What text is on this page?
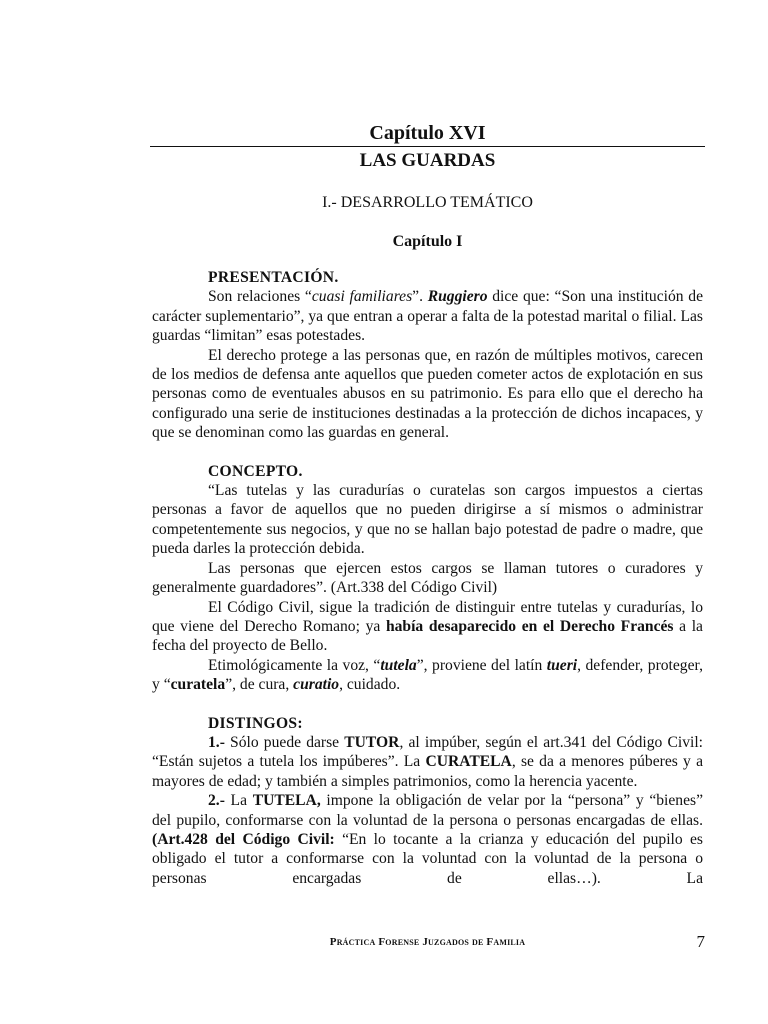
Capítulo XVI
LAS GUARDAS
I.- DESARROLLO TEMÁTICO
Capítulo I

PRESENTACIÓN.

Son relaciones “cuasi familiares”. Ruggiero dice que: “Son una institución de carácter suplementario”, ya que entran a operar a falta de la potestad marital o filial. Las guardas “limitan” esas potestades.

El derecho protege a las personas que, en razón de múltiples motivos, carecen de los medios de defensa ante aquellos que pueden cometer actos de explotación en sus personas como de eventuales abusos en su patrimonio. Es para ello que el derecho ha configurado una serie de instituciones destinadas a la protección de dichos incapaces, y que se denominan como las guardas en general.

CONCEPTO.

“Las tutelas y las curadurías o curatelas son cargos impuestos a ciertas personas a favor de aquellos que no pueden dirigirse a sí mismos o administrar competentemente sus negocios, y que no se hallan bajo potestad de padre o madre, que pueda darles la protección debida.

Las personas que ejercen estos cargos se llaman tutores o curadores y generalmente guardadores”. (Art.338 del Código Civil)

El Código Civil, sigue la tradición de distinguir entre tutelas y curadurías, lo que viene del Derecho Romano; ya había desaparecido en el Derecho Francés a la fecha del proyecto de Bello.

Etimológicamente la voz, “tutela”, proviene del latín tueri, defender, proteger, y “curatela”, de cura, curatio, cuidado.

DISTINGOS:

1.- Sólo puede darse TUTOR, al impúber, según el art.341 del Código Civil: “Están sujetos a tutela los impúberes”. La CURATELA, se da a menores púberes y a mayores de edad; y también a simples patrimonios, como la herencia yacente.

2.- La TUTELA, impone la obligación de velar por la “persona” y “bienes” del pupilo, conformarse con la voluntad de la persona o personas encargadas de ellas. (Art.428 del Código Civil: “En lo tocante a la crianza y educación del pupilo es obligado el tutor a conformarse con la voluntad con la voluntad de la persona o personas encargadas de ellas…). La

Práctica Forense Juzgados de Familia	7
